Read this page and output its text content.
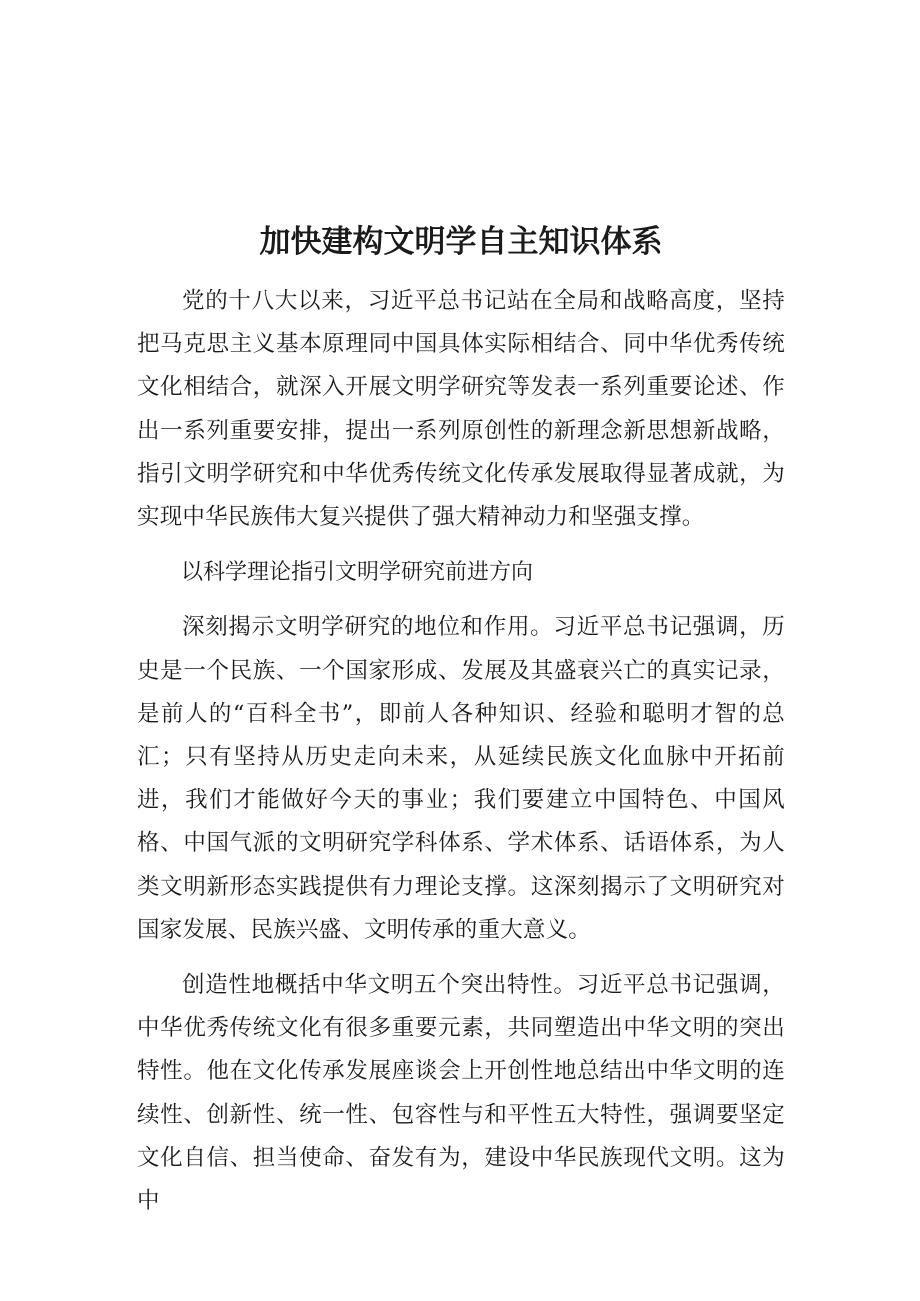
加快建构文明学自主知识体系

党的十八大以来，习近平总书记站在全局和战略高度，坚持把马克思主义基本原理同中国具体实际相结合、同中华优秀传统文化相结合，就深入开展文明学研究等发表一系列重要论述、作出一系列重要安排，提出一系列原创性的新理念新思想新战略，指引文明学研究和中华优秀传统文化传承发展取得显著成就，为实现中华民族伟大复兴提供了强大精神动力和坚强支撑。

以科学理论指引文明学研究前进方向

深刻揭示文明学研究的地位和作用。习近平总书记强调，历史是一个民族、一个国家形成、发展及其盛衰兴亡的真实记录，是前人的“百科全书”，即前人各种知识、经验和聪明才智的总汇；只有坚持从历史走向未来，从延续民族文化血脉中开拓前进，我们才能做好今天的事业；我们要建立中国特色、中国风格、中国气派的文明研究学科体系、学术体系、话语体系，为人类文明新形态实践提供有力理论支撑。这深刻揭示了文明研究对国家发展、民族兴盛、文明传承的重大意义。

创造性地概括中华文明五个突出特性。习近平总书记强调，中华优秀传统文化有很多重要元素，共同塑造出中华文明的突出特性。他在文化传承发展座谈会上开创性地总结出中华文明的连续性、创新性、统一性、包容性与和平性五大特性，强调要坚定文化自信、担当使命、奋发有为，建设中华民族现代文明。这为中
